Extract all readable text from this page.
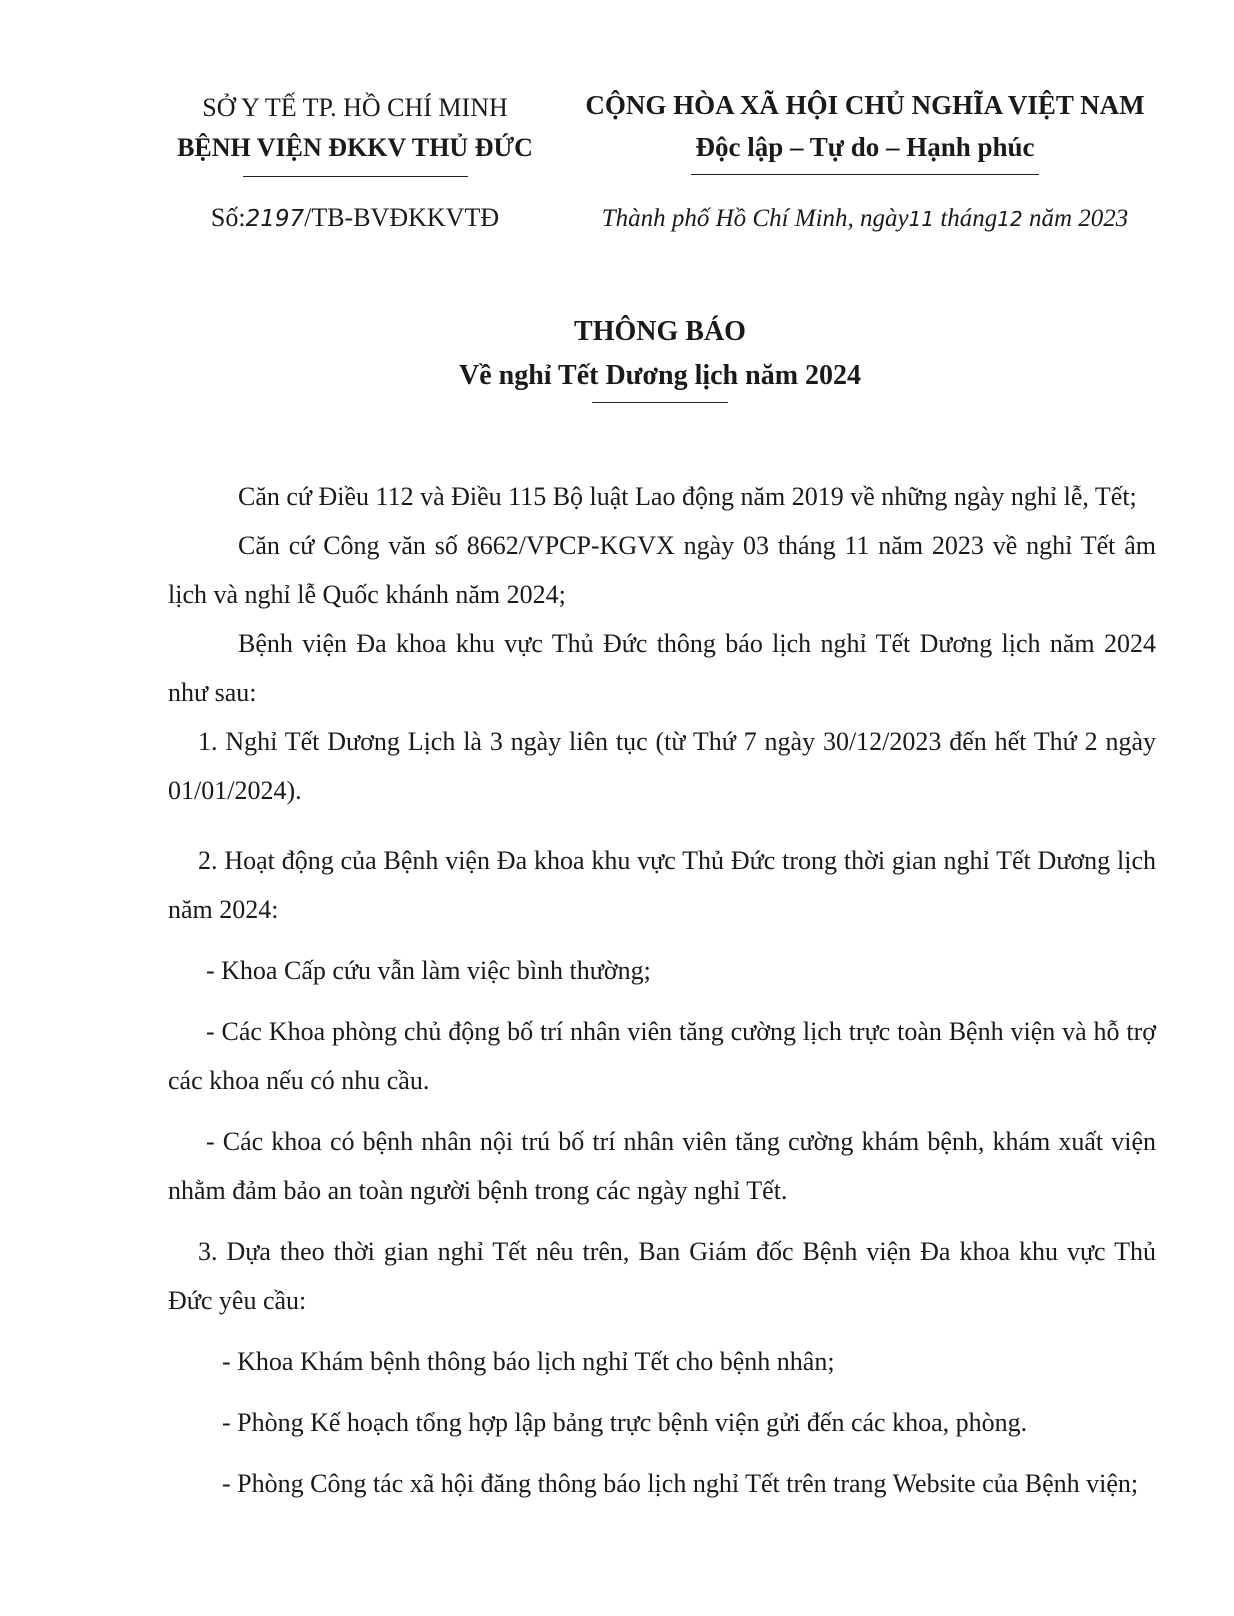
SỞ Y TẾ TP. HỒ CHÍ MINH
BỆNH VIỆN ĐKKV THỦ ĐỨC
CỘNG HÒA XÃ HỘI CHỦ NGHĨA VIỆT NAM
Độc lập – Tự do – Hạnh phúc
Số:2197/TB-BVĐKKVTĐ	Thành phố Hồ Chí Minh, ngày11 tháng12 năm 2023
THÔNG BÁO
Về nghỉ Tết Dương lịch năm 2024
Căn cứ Điều 112 và Điều 115 Bộ luật Lao động năm 2019 về những ngày nghỉ lễ, Tết;
Căn cứ Công văn số 8662/VPCP-KGVX ngày 03 tháng 11 năm 2023 về nghỉ Tết âm lịch và nghỉ lễ Quốc khánh năm 2024;
Bệnh viện Đa khoa khu vực Thủ Đức thông báo lịch nghỉ Tết Dương lịch năm 2024 như sau:
1. Nghỉ Tết Dương Lịch là 3 ngày liên tục (từ Thứ 7 ngày 30/12/2023 đến hết Thứ 2 ngày 01/01/2024).
2. Hoạt động của Bệnh viện Đa khoa khu vực Thủ Đức trong thời gian nghỉ Tết Dương lịch năm 2024:
- Khoa Cấp cứu vẫn làm việc bình thường;
- Các Khoa phòng chủ động bố trí nhân viên tăng cường lịch trực toàn Bệnh viện và hỗ trợ các khoa nếu có nhu cầu.
- Các khoa có bệnh nhân nội trú bố trí nhân viên tăng cường khám bệnh, khám xuất viện nhằm đảm bảo an toàn người bệnh trong các ngày nghỉ Tết.
3. Dựa theo thời gian nghỉ Tết nêu trên, Ban Giám đốc Bệnh viện Đa khoa khu vực Thủ Đức yêu cầu:
- Khoa Khám bệnh thông báo lịch nghỉ Tết cho bệnh nhân;
- Phòng Kế hoạch tổng hợp lập bảng trực bệnh viện gửi đến các khoa, phòng.
- Phòng Công tác xã hội đăng thông báo lịch nghỉ Tết trên trang Website của Bệnh viện;
